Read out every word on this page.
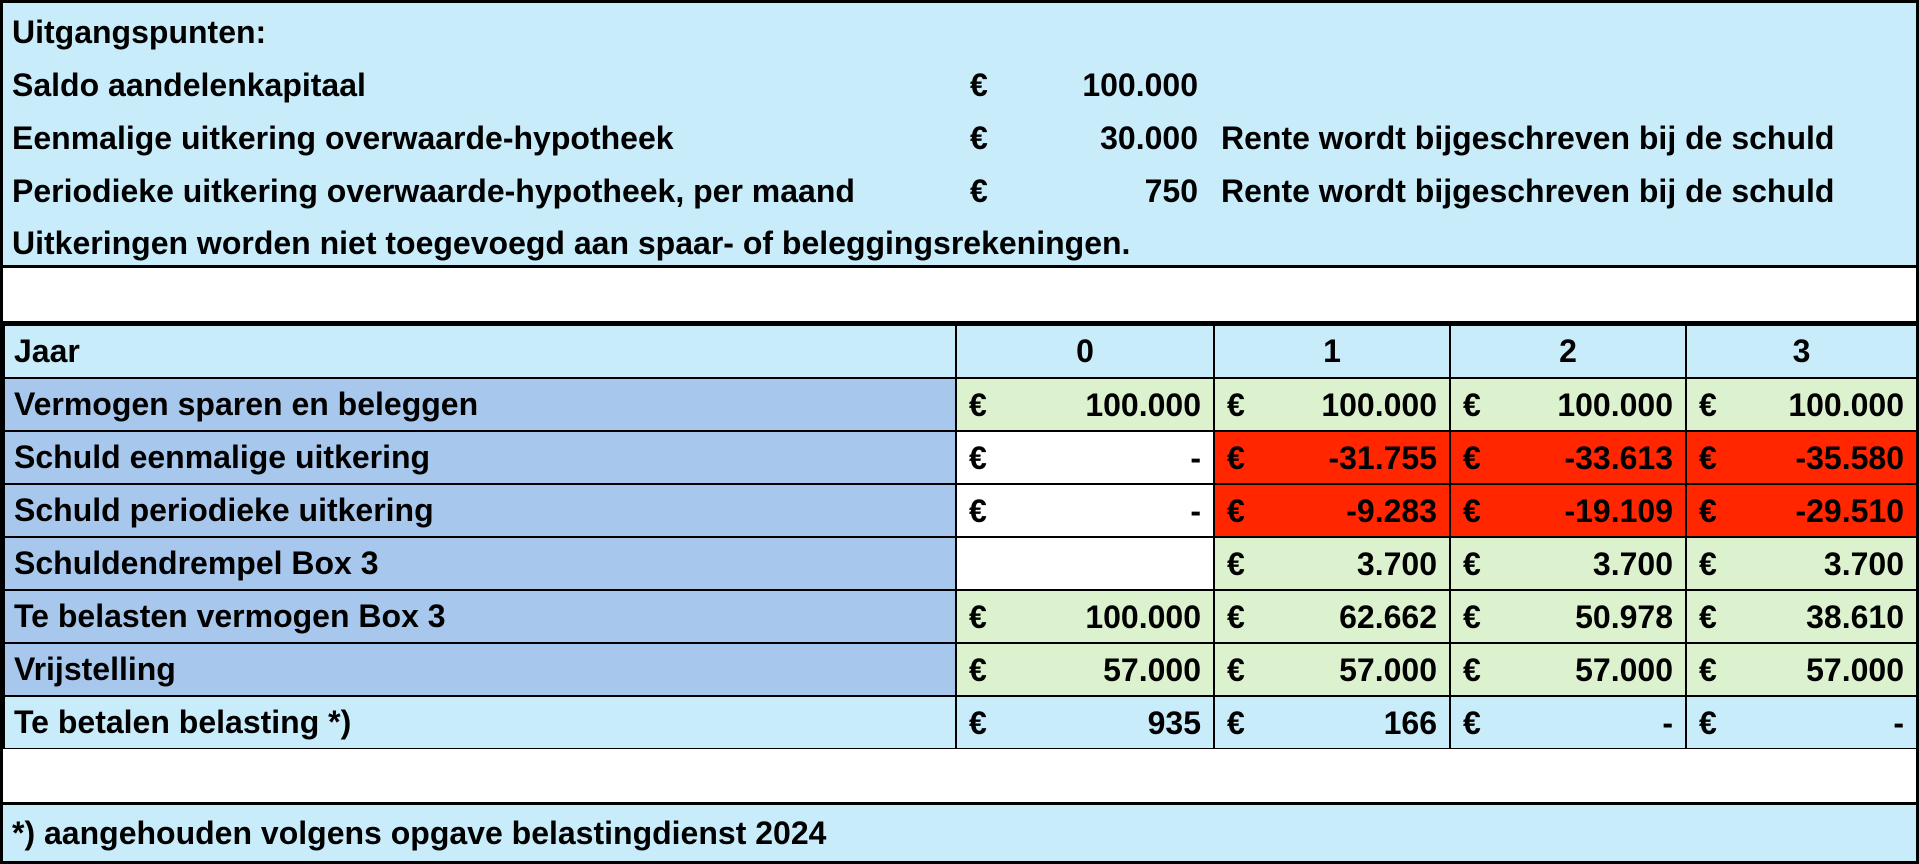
Uitgangspunten:
Saldo aandelenkapitaal	€	100.000
Eenmalige uitkering overwaarde-hypotheek	€	30.000 Rente wordt bijgeschreven bij de schuld
Periodieke uitkering overwaarde-hypotheek, per maand	€	750 Rente wordt bijgeschreven bij de schuld
Uitkeringen worden niet toegevoegd aan spaar- of beleggingsrekeningen.
Jaar	0	1	2	3
Vermogen sparen en beleggen	€ 100.000	€ 100.000	€ 100.000	€ 100.000

Schuld eenmalige uitkering	€ -	€ -31.755	€ -33.613	€ -35.580

Schuld periodieke uitkering	€ -	€ -9.283	€ -19.109	€ -29.510

Schuldendrempel Box 3		€ 3.700	€ 3.700	€ 3.700

Te belasten vermogen Box 3	€ 100.000	€ 62.662	€ 50.978	€ 38.610

Vrijstelling	€ 57.000	€ 57.000	€ 57.000	€ 57.000

Te betalen belasting *)	€ 935	€ 166	€ -	€ -
*) aangehouden volgens opgave belastingdienst 2024
